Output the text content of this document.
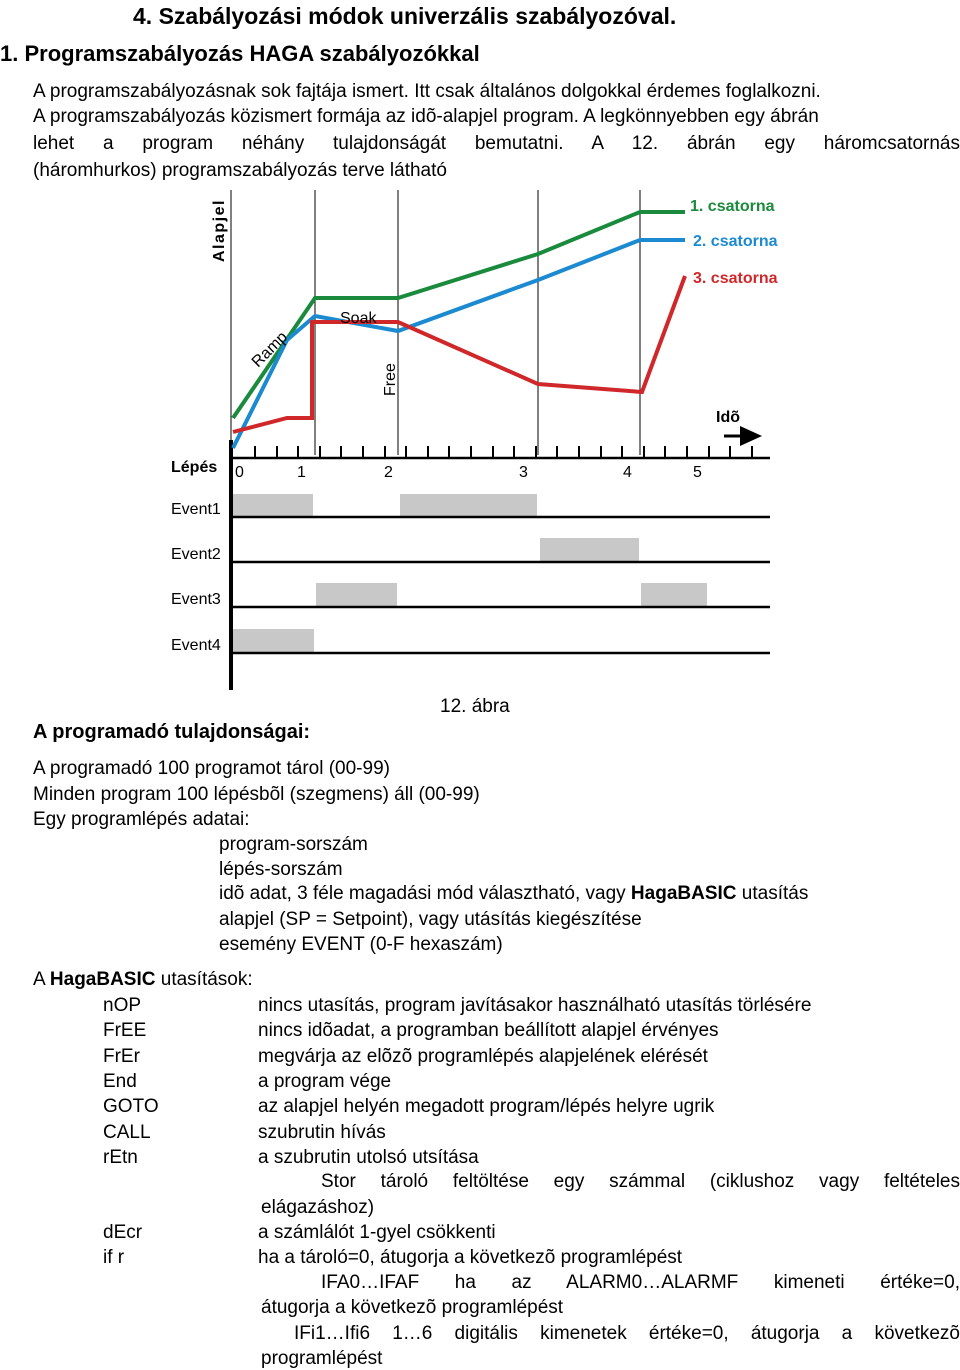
4. Szabályozási módok univerzális szabályozóval.
1. Programszabályozás HAGA szabályozókkal
A programszabályozásnak sok fajtája ismert. Itt csak általános dolgokkal érdemes foglalkozni.
A programszabályozás közismert formája az idõ-alapjel program. A legkönnyebben egy ábrán
lehet a program néhány tulajdonságát bemutatni. A 12. ábrán egy háromcsatornás
(háromhurkos) programszabályozás terve látható
Alapjel	1. csatorna
2. csatorna
3. csatorna
Ramp
Soak
Free
Idõ
Lépés 0	1	2	3	4	5
Event1
Event2
Event3
Event4
12. ábra
A programadó tulajdonságai:
A programadó 100 programot tárol (00-99)
Minden program 100 lépésbõl (szegmens) áll (00-99)
Egy programlépés adatai:
program-sorszám
lépés-sorszám
idõ adat, 3 féle magadási mód választható, vagy HagaBASIC utasítás
alapjel (SP = Setpoint), vagy utásítás kiegészítése
esemény EVENT (0-F hexaszám)
A HagaBASIC utasítások:
nOP	nincs utasítás, program javításakor használható utasítás törlésére
FrEE	nincs idõadat, a programban beállított alapjel érvényes
FrEr	megvárja az elõzõ programlépés alapjelének elérését
End	a program vége
GOTO	az alapjel helyén megadott program/lépés helyre ugrik
CALL	szubrutin hívás
rEtn	a szubrutin utolsó utsítása
Stor tároló feltöltése egy számmal (ciklushoz vagy feltételes
elágazáshoz)
dEcr	a számlálót 1-gyel csökkenti
if r	ha a tároló=0, átugorja a következõ programlépést
IFA0…IFAF ha az ALARM0…ALARMF kimeneti értéke=0,
átugorja a következõ programlépést
IFi1…Ifi6 1…6 digitális kimenetek értéke=0, átugorja a következõ
programlépést
